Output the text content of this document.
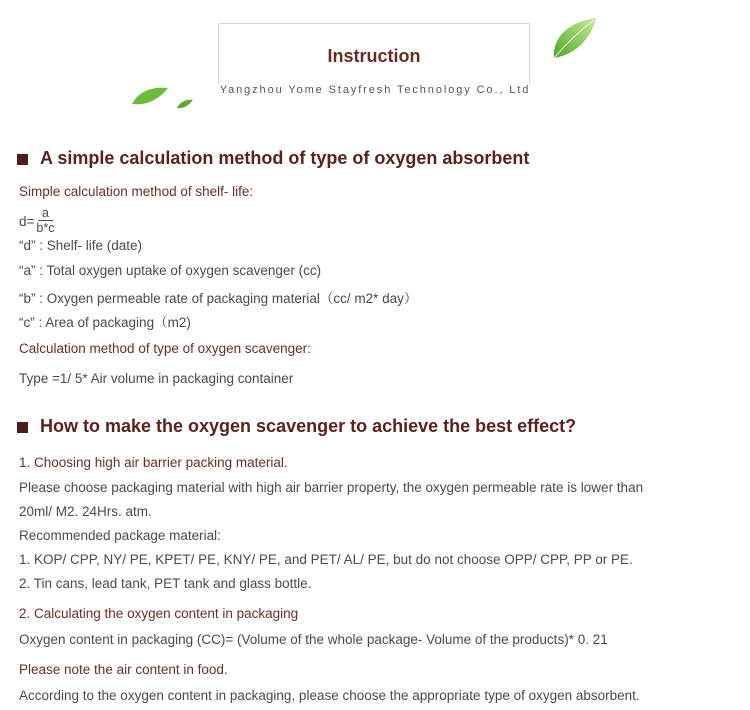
Instruction
Yangzhou Yome Stayfresh Technology Co., Ltd
A simple calculation method of type of oxygen absorbent
Simple calculation method of shelf- life:
$d= \frac{a}{b*c}$
“d” : Shelf- life (date)
“a” : Total oxygen uptake of oxygen scavenger (cc)
“b” : Oxygen permeable rate of packaging material（cc/ m2* day）
“c” : Area of packaging（m2)
Calculation method of type of oxygen scavenger:
Type =1/ 5* Air volume in packaging container
How to make the oxygen scavenger to achieve the best effect?
1. Choosing high air barrier packing material.
Please choose packaging material with high air barrier property, the oxygen permeable rate is lower than
20ml/ M2. 24Hrs. atm.
Recommended package material:
1. KOP/ CPP, NY/ PE, KPET/ PE, KNY/ PE, and PET/ AL/ PE, but do not choose OPP/ CPP, PP or PE.
2. Tin cans, lead tank, PET tank and glass bottle.
2. Calculating the oxygen content in packaging
Oxygen content in packaging (CC)= (Volume of the whole package- Volume of the products)* 0. 21
Please note the air content in food.
According to the oxygen content in packaging, please choose the appropriate type of oxygen absorbent.
